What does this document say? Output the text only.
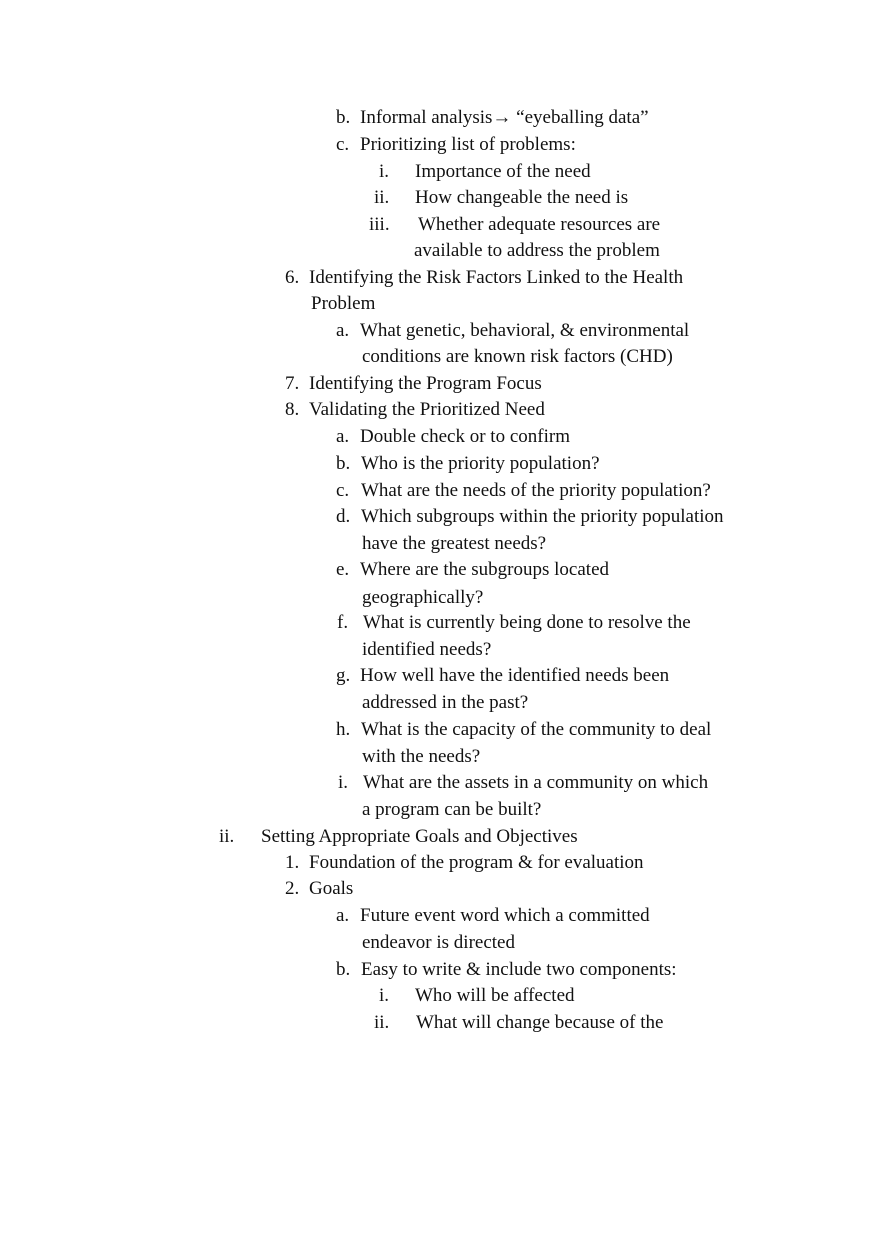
b. Informal analysis→ “eyeballing data”
c. Prioritizing list of problems:
i. Importance of the need
ii. How changeable the need is
iii. Whether adequate resources are
available to address the problem
6. Identifying the Risk Factors Linked to the Health
Problem
a. What genetic, behavioral, & environmental
conditions are known risk factors (CHD)
7. Identifying the Program Focus
8. Validating the Prioritized Need
a. Double check or to confirm
b. Who is the priority population?
c. What are the needs of the priority population?
d. Which subgroups within the priority population
have the greatest needs?
e. Where are the subgroups located
geographically?
f. What is currently being done to resolve the
identified needs?
g. How well have the identified needs been
addressed in the past?
h. What is the capacity of the community to deal
with the needs?
i. What are the assets in a community on which
a program can be built?
ii. Setting Appropriate Goals and Objectives
1. Foundation of the program & for evaluation
2. Goals
a. Future event word which a committed
endeavor is directed
b. Easy to write & include two components:
i. Who will be affected
ii. What will change because of the
